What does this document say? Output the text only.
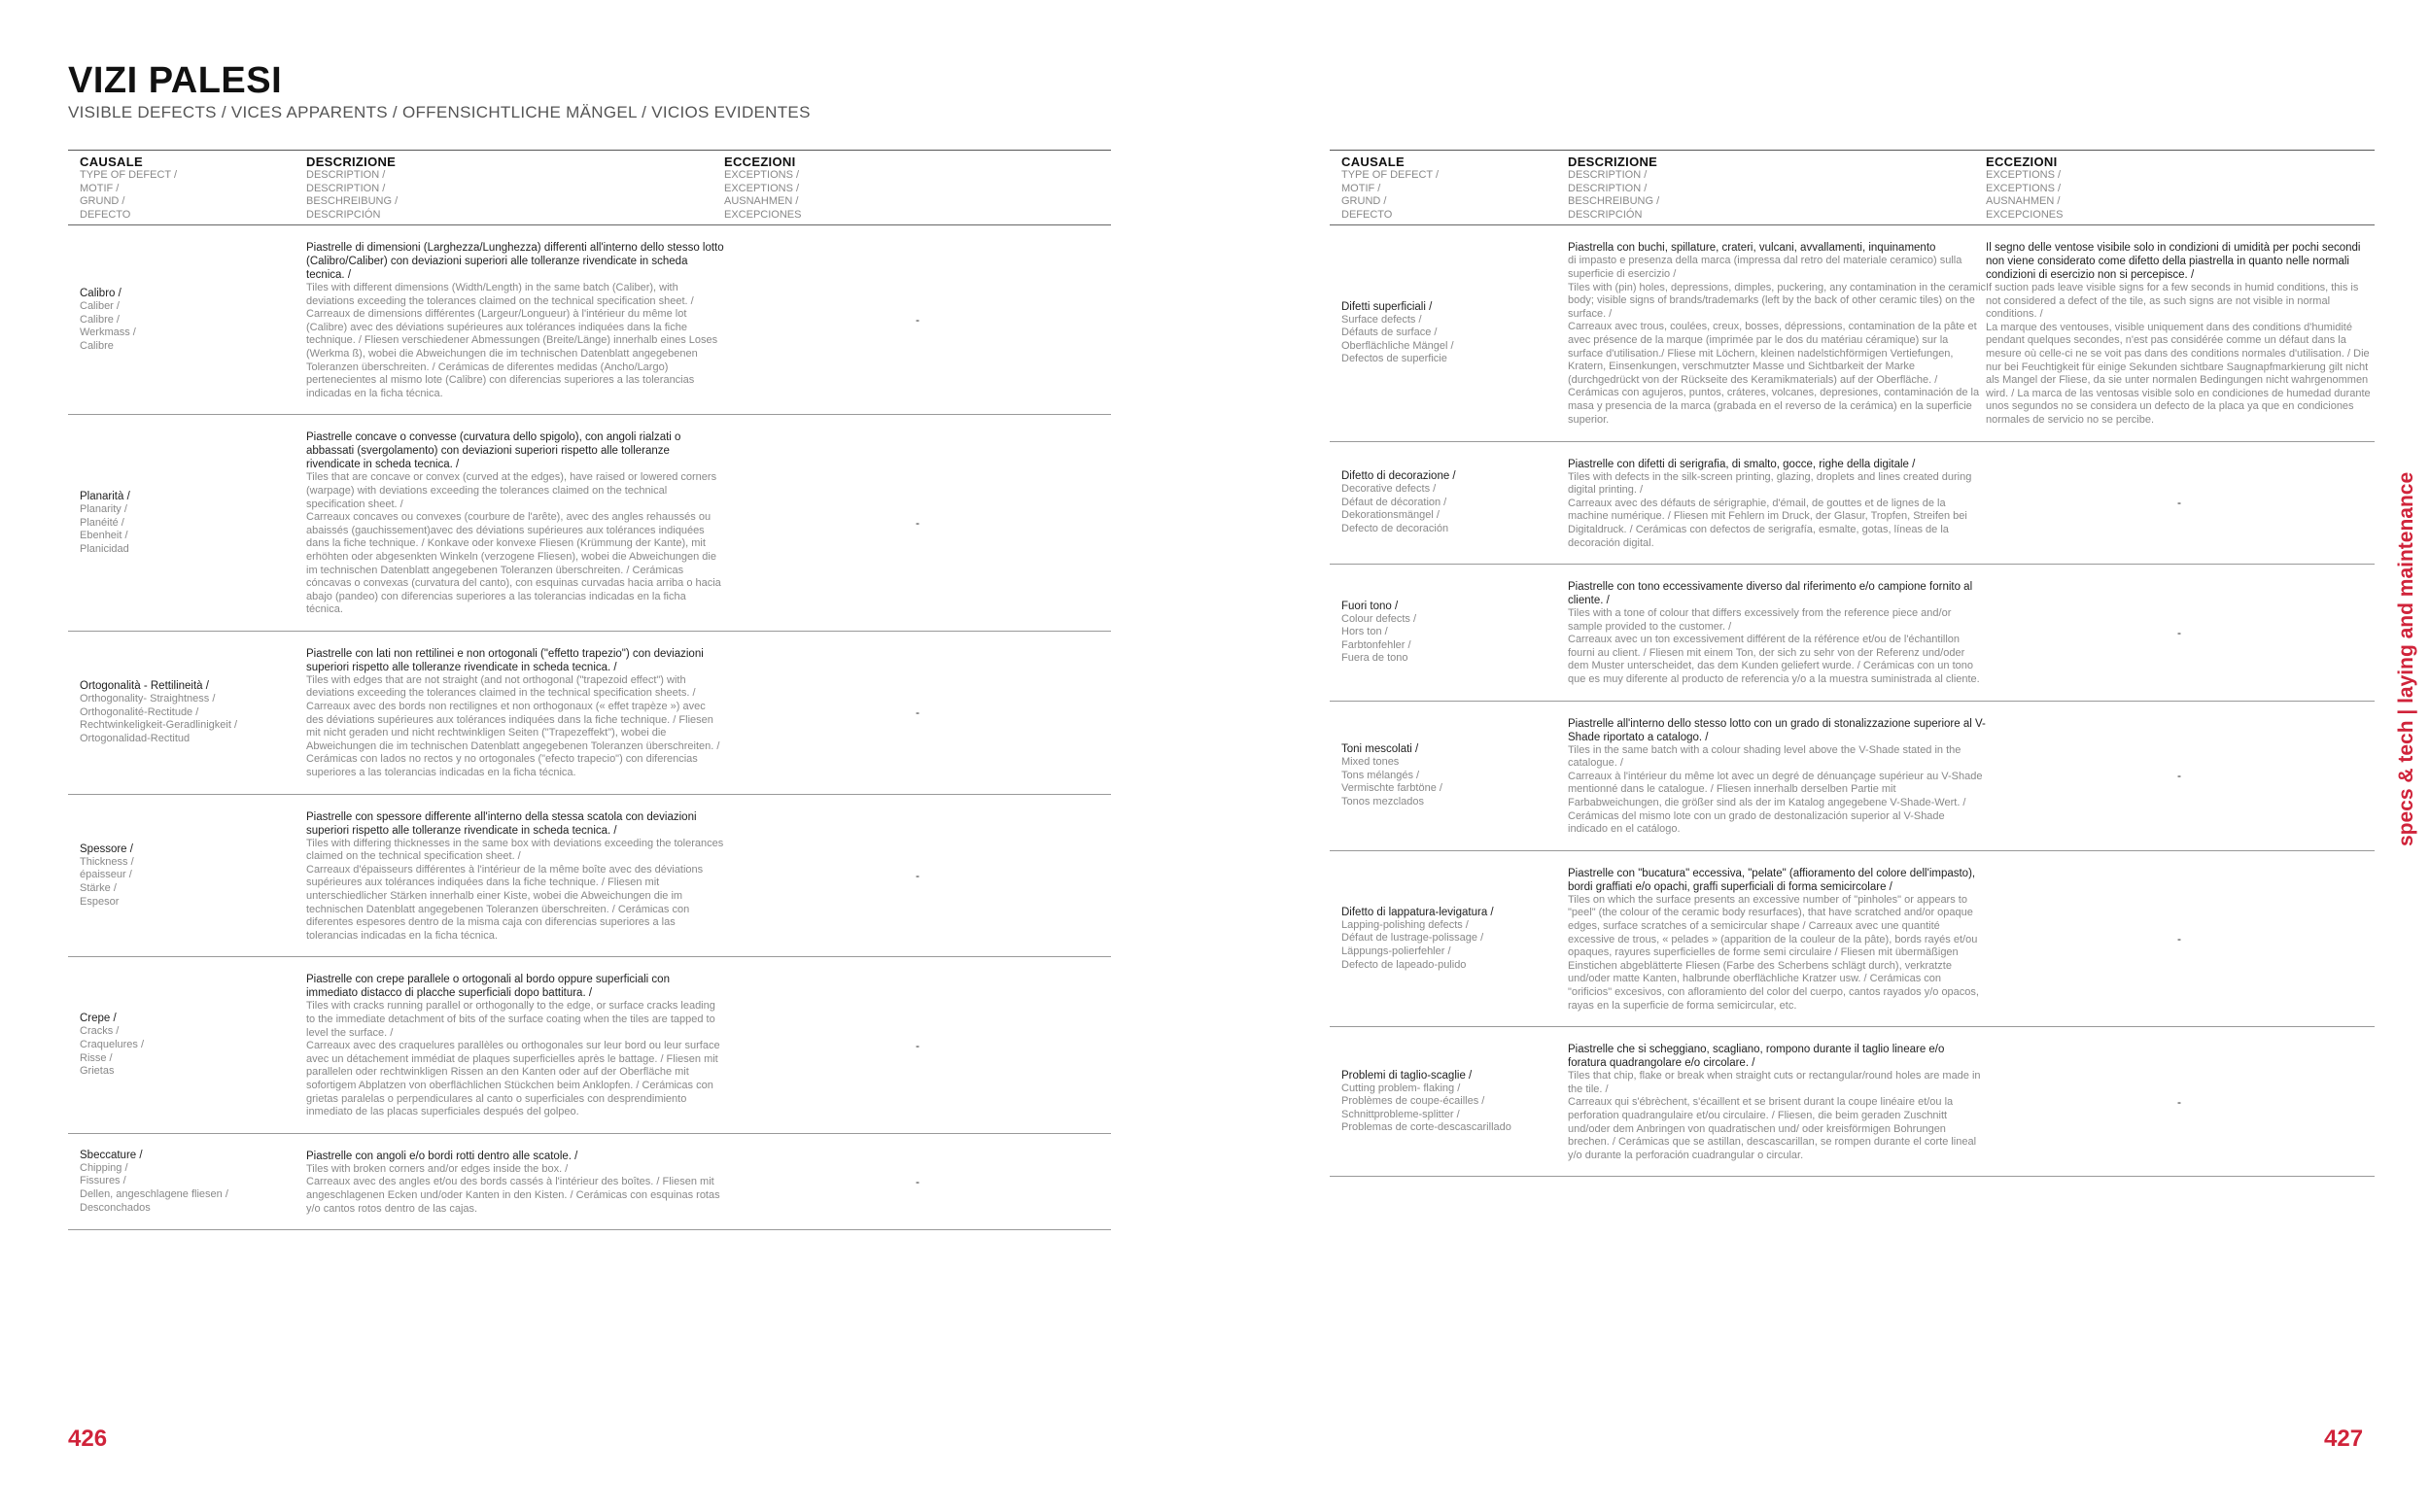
VIZI PALESI
VISIBLE DEFECTS / VICES APPARENTS / OFFENSICHTLICHE MÄNGEL / VICIOS EVIDENTES
CAUSALE
TYPE OF DEFECT /
MOTIF /
GRUND /
DEFECTO
DESCRIZIONE
DESCRIPTION /
DESCRIPTION /
BESCHREIBUNG /
DESCRIPCIÓN
ECCEZIONI
EXCEPTIONS /
EXCEPTIONS /
AUSNAHMEN /
EXCEPCIONES
Calibro /
Caliber /
Calibre /
Werkmass /
Calibre
Piastrelle di dimensioni (Larghezza/Lunghezza) differenti all'interno dello stesso lotto (Calibro/Caliber) con deviazioni superiori alle tolleranze rivendicate in scheda tecnica. /
Tiles with different dimensions (Width/Length) in the same batch (Caliber), with deviations exceeding the tolerances claimed on the technical specification sheet. /
Carreaux de dimensions différentes (Largeur/Longueur) à l'intérieur du même lot (Calibre) avec des déviations supérieures aux tolérances indiquées dans la fiche technique. / Fliesen verschiedener Abmessungen (Breite/Länge) innerhalb eines Loses (Werkma ß), wobei die Abweichungen die im technischen Datenblatt angegebenen Toleranzen überschreiten. / Cerámicas de diferentes medidas (Ancho/Largo) pertenecientes al mismo lote (Calibre) con diferencias superiores a las tolerancias indicadas en la ficha técnica.
-
Planarità /
Planarity /
Planéité /
Ebenheit /
Planicidad
Piastrelle concave o convesse (curvatura dello spigolo), con angoli rialzati o abbassati (svergolamento) con deviazioni superiori rispetto alle tolleranze rivendicate in scheda tecnica. /
Tiles that are concave or convex (curved at the edges), have raised or lowered corners (warpage) with deviations exceeding the tolerances claimed on the technical specification sheet. /
Carreaux concaves ou convexes (courbure de l'arête), avec des angles rehaussés ou abaissés (gauchissement)avec des déviations supérieures aux tolérances indiquées dans la fiche technique. / Konkave oder konvexe Fliesen (Krümmung der Kante), mit erhöhten oder abgesenkten Winkeln (verzogene Fliesen), wobei die Abweichungen die im technischen Datenblatt angegebenen Toleranzen überschreiten. / Cerámicas cóncavas o convexas (curvatura del canto), con esquinas curvadas hacia arriba o hacia abajo (pandeo) con diferencias superiores a las tolerancias indicadas en la ficha técnica.
-
Ortogonalità - Rettilineità /
Orthogonality- Straightness /
Orthogonalité-Rectitude /
Rechtwinkeligkeit-Geradlinigkeit /
Ortogonalidad-Rectitud
Piastrelle con lati non rettilinei e non ortogonali ("effetto trapezio") con deviazioni superiori rispetto alle tolleranze rivendicate in scheda tecnica. /
Tiles with edges that are not straight (and not orthogonal ("trapezoid effect") with deviations exceeding the tolerances claimed in the technical specification sheets. /
Carreaux avec des bords non rectilignes et non orthogonaux (« effet trapèze ») avec des déviations supérieures aux tolérances indiquées dans la fiche technique. / Fliesen mit nicht geraden und nicht rechtwinkligen Seiten ("Trapezeffekt"), wobei die Abweichungen die im technischen Datenblatt angegebenen Toleranzen überschreiten. / Cerámicas con lados no rectos y no ortogonales ("efecto trapecio") con diferencias superiores a las tolerancias indicadas en la ficha técnica.
-
Spessore /
Thickness /
épaisseur /
Stärke /
Espesor
Piastrelle con spessore differente all'interno della stessa scatola con deviazioni superiori rispetto alle tolleranze rivendicate in scheda tecnica. /
Tiles with differing thicknesses in the same box with deviations exceeding the tolerances claimed on the technical specification sheet. /
Carreaux d'épaisseurs différentes à l'intérieur de la même boîte avec des déviations supérieures aux tolérances indiquées dans la fiche technique. / Fliesen mit unterschiedlicher Stärken innerhalb einer Kiste, wobei die Abweichungen die im technischen Datenblatt angegebenen Toleranzen überschreiten. / Cerámicas con diferentes espesores dentro de la misma caja con diferencias superiores a las tolerancias indicadas en la ficha técnica.
-
Crepe /
Cracks /
Craquelures /
Risse /
Grietas
Piastrelle con crepe parallele o ortogonali al bordo oppure superficiali con immediato distacco di placche superficiali dopo battitura. /
Tiles with cracks running parallel or orthogonally to the edge, or surface cracks leading to the immediate detachment of bits of the surface coating when the tiles are tapped to level the surface. /
Carreaux avec des craquelures parallèles ou orthogonales sur leur bord ou leur surface avec un détachement immédiat de plaques superficielles après le battage. / Fliesen mit parallelen oder rechtwinkligen Rissen an den Kanten oder auf der Oberfläche mit sofortigem Abplatzen von oberflächlichen Stückchen beim Anklopfen. / Cerámicas con grietas paralelas o perpendiculares al canto o superficiales con desprendimiento inmediato de las placas superficiales después del golpeo.
-
Sbeccature /
Chipping /
Fissures /
Dellen, angeschlagene fliesen /
Desconchados
Piastrelle con angoli e/o bordi rotti dentro alle scatole. /
Tiles with broken corners and/or edges inside the box. /
Carreaux avec des angles et/ou des bords cassés à l'intérieur des boîtes. / Fliesen mit angeschlagenen Ecken und/oder Kanten in den Kisten. / Cerámicas con esquinas rotas y/o cantos rotos dentro de las cajas.
-
426
CAUSALE
TYPE OF DEFECT /
MOTIF /
GRUND /
DEFECTO
DESCRIZIONE
DESCRIPTION /
DESCRIPTION /
BESCHREIBUNG /
DESCRIPCIÓN
ECCEZIONI
EXCEPTIONS /
EXCEPTIONS /
AUSNAHMEN /
EXCEPCIONES
Difetti superficiali /
Surface defects /
Défauts de surface /
Oberflächliche Mängel /
Defectos de superficie
Piastrella con buchi, spillature, crateri, vulcani, avvallamenti, inquinamento
di impasto e presenza della marca (impressa dal retro del materiale ceramico) sulla superficie di esercizio /
Tiles with (pin) holes, depressions, dimples, puckering, any contamination in the ceramic body; visible signs of brands/trademarks (left by the back of other ceramic tiles) on the surface. /
Carreaux avec trous, coulées, creux, bosses, dépressions, contamination de la pâte et avec présence de la marque (imprimée par le dos du matériau céramique) sur la surface d'utilisation./ Fliese mit Löchern, kleinen nadelstichförmigen Vertiefungen, Kratern, Einsenkungen, verschmutzter Masse und Sichtbarkeit der Marke (durchgedrückt von der Rückseite des Keramikmaterials) auf der Oberfläche. / Cerámicas con agujeros, puntos, cráteres, volcanes, depresiones, contaminación de la masa y presencia de la marca (grabada en el reverso de la cerámica) en la superficie superior.
Il segno delle ventose visibile solo in condizioni di umidità per pochi secondi non viene considerato come difetto della piastrella in quanto nelle normali condizioni di esercizio non si percepisce. /
If suction pads leave visible signs for a few seconds in humid conditions, this is not considered a defect of the tile, as such signs are not visible in normal conditions. /
La marque des ventouses, visible uniquement dans des conditions d'humidité pendant quelques secondes, n'est pas considérée comme un défaut dans la mesure où celle-ci ne se voit pas dans des conditions normales d'utilisation. / Die nur bei Feuchtigkeit für einige Sekunden sichtbare Saugnapfmarkierung gilt nicht als Mangel der Fliese, da sie unter normalen Bedingungen nicht wahrgenommen wird. / La marca de las ventosas visible solo en condiciones de humedad durante unos segundos no se considera un defecto de la placa ya que en condiciones normales de servicio no se percibe.
Difetto di decorazione /
Decorative defects /
Défaut de décoration /
Dekorationsmängel /
Defecto de decoración
Piastrelle con difetti di serigrafia, di smalto, gocce, righe della digitale /
Tiles with defects in the silk-screen printing, glazing, droplets and lines created during digital printing. /
Carreaux avec des défauts de sérigraphie, d'émail, de gouttes et de lignes de la machine numérique. / Fliesen mit Fehlern im Druck, der Glasur, Tropfen, Streifen bei Digitaldruck. / Cerámicas con defectos de serigrafía, esmalte, gotas, líneas de la decoración digital.
-
Fuori tono /
Colour defects /
Hors ton /
Farbtonfehler /
Fuera de tono
Piastrelle con tono eccessivamente diverso dal riferimento e/o campione fornito al cliente. /
Tiles with a tone of colour that differs excessively from the reference piece and/or sample provided to the customer. /
Carreaux avec un ton excessivement différent de la référence et/ou de l'échantillon fourni au client. / Fliesen mit einem Ton, der sich zu sehr von der Referenz und/oder dem Muster unterscheidet, das dem Kunden geliefert wurde. / Cerámicas con un tono que es muy diferente al producto de referencia y/o a la muestra suministrada al cliente.
-
Toni mescolati /
Mixed tones
Tons mélangés /
Vermischte farbtöne /
Tonos mezclados
Piastrelle all'interno dello stesso lotto con un grado di stonalizzazione superiore al V-Shade riportato a catalogo. /
Tiles in the same batch with a colour shading level above the V-Shade stated in the catalogue. /
Carreaux à l'intérieur du même lot avec un degré de dénuançage supérieur au V-Shade mentionné dans le catalogue. / Fliesen innerhalb derselben Partie mit Farbabweichungen, die größer sind als der im Katalog angegebene V-Shade-Wert. / Cerámicas del mismo lote con un grado de destonalización superior al V-Shade indicado en el catálogo.
-
Difetto di lappatura-levigatura /
Lapping-polishing defects /
Défaut de lustrage-polissage /
Läppungs-polierfehler /
Defecto de lapeado-pulido
Piastrelle con "bucatura" eccessiva, "pelate" (affioramento del colore dell'impasto), bordi graffiati e/o opachi, graffi superficiali di forma semicircolare /
Tiles on which the surface presents an excessive number of "pinholes" or appears to "peel" (the colour of the ceramic body resurfaces), that have scratched and/or opaque edges, surface scratches of a semicircular shape / Carreaux avec une quantité excessive de trous, « pelades » (apparition de la couleur de la pâte), bords rayés et/ou opaques, rayures superficielles de forme semi circulaire / Fliesen mit übermäßigen Einstichen abgeblätterte Fliesen (Farbe des Scherbens schlägt durch), verkratzte und/oder matte Kanten, halbrunde oberflächliche Kratzer usw. / Cerámicas con "orificios" excesivos, con afloramiento del color del cuerpo, cantos rayados y/o opacos, rayas en la superficie de forma semicircular, etc.
-
Problemi di taglio-scaglie /
Cutting problem- flaking /
Problèmes de coupe-écailles /
Schnittprobleme-splitter /
Problemas de corte-descascarillado
Piastrelle che si scheggiano, scagliano, rompono durante il taglio lineare e/o foratura quadrangolare e/o circolare. /
Tiles that chip, flake or break when straight cuts or rectangular/round holes are made in the tile. /
Carreaux qui s'ébrèchent, s'écaillent et se brisent durant la coupe linéaire et/ou la perforation quadrangulaire et/ou circulaire. / Fliesen, die beim geraden Zuschnitt und/oder dem Anbringen von quadratischen und/ oder kreisförmigen Bohrungen brechen. / Cerámicas que se astillan, descascarillan, se rompen durante el corte lineal y/o durante la perforación cuadrangular o circular.
-
specs & tech | laying and maintenance
427
